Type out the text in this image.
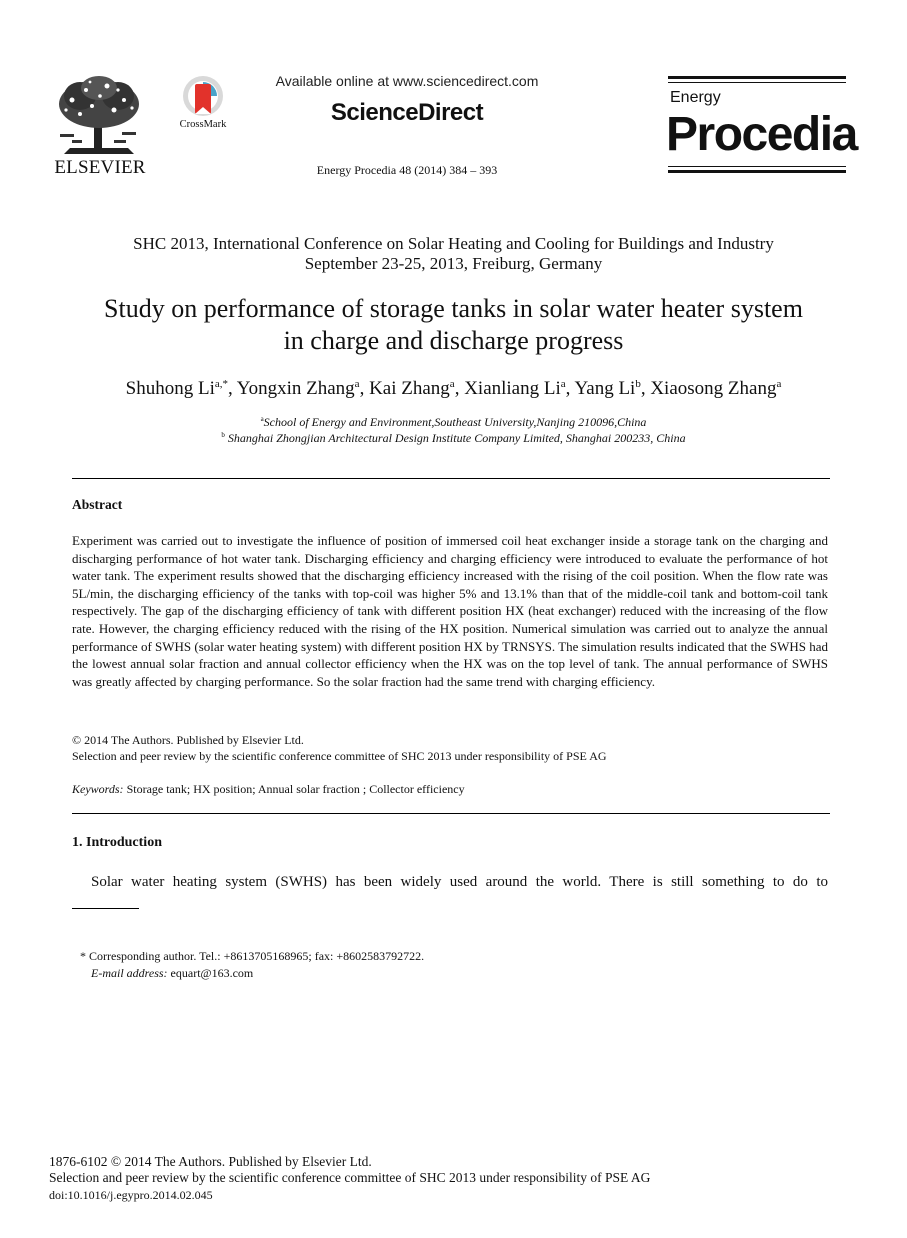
ELSEVIER
CrossMark
Available online at www.sciencedirect.com
ScienceDirect
Energy Procedia 48 (2014) 384 – 393
Energy
Procedia
SHC 2013, International Conference on Solar Heating and Cooling for Buildings and Industry
September 23-25, 2013, Freiburg, Germany
Study on performance of storage tanks in solar water heater system
in charge and discharge progress
Shuhong $Li^{a,*}$, Yongxin Zhang$^a$, Kai Zhang$^a$, Xianliang Li$^a$, Yang Li$^b$, Xiaosong Zhang$^a$
$^a$School of Energy and Environment,Southeast University,Nanjing 210096,China
$^b$ Shanghai Zhongjian Architectural Design Institute Company Limited, Shanghai 200233, China
Abstract
Experiment was carried out to investigate the influence of position of immersed coil heat exchanger inside a storage tank on the charging and discharging performance of hot water tank. Discharging efficiency and charging efficiency were introduced to evaluate the performance of hot water tank. The experiment results showed that the discharging efficiency increased with the rising of the coil position. When the flow rate was 5L/min, the discharging efficiency of the tanks with top-coil was higher 5% and 13.1% than that of the middle-coil tank and bottom-coil tank respectively. The gap of the discharging efficiency of tank with different position HX (heat exchanger) reduced with the increasing of the flow rate. However, the charging efficiency reduced with the rising of the HX position. Numerical simulation was carried out to analyze the annual performance of SWHS (solar water heating system) with different position HX by TRNSYS. The simulation results indicated that the SWHS had the lowest annual solar fraction and annual collector efficiency when the HX was on the top level of tank. The annual performance of SWHS was greatly affected by charging performance. So the solar fraction had the same trend with charging efficiency.
© 2014 The Authors. Published by Elsevier Ltd.
Selection and peer review by the scientific conference committee of SHC 2013 under responsibility of PSE AG
Keywords: Storage tank; HX position; Annual solar fraction ; Collector efficiency
1. Introduction
Solar water heating system (SWHS) has been widely used around the world. There is still something to do to
* Corresponding author. Tel.: +8613705168965; fax: +8602583792722.
E-mail address: equart@163.com
1876-6102 © 2014 The Authors. Published by Elsevier Ltd.
Selection and peer review by the scientific conference committee of SHC 2013 under responsibility of PSE AG
doi:10.1016/j.egypro.2014.02.045
